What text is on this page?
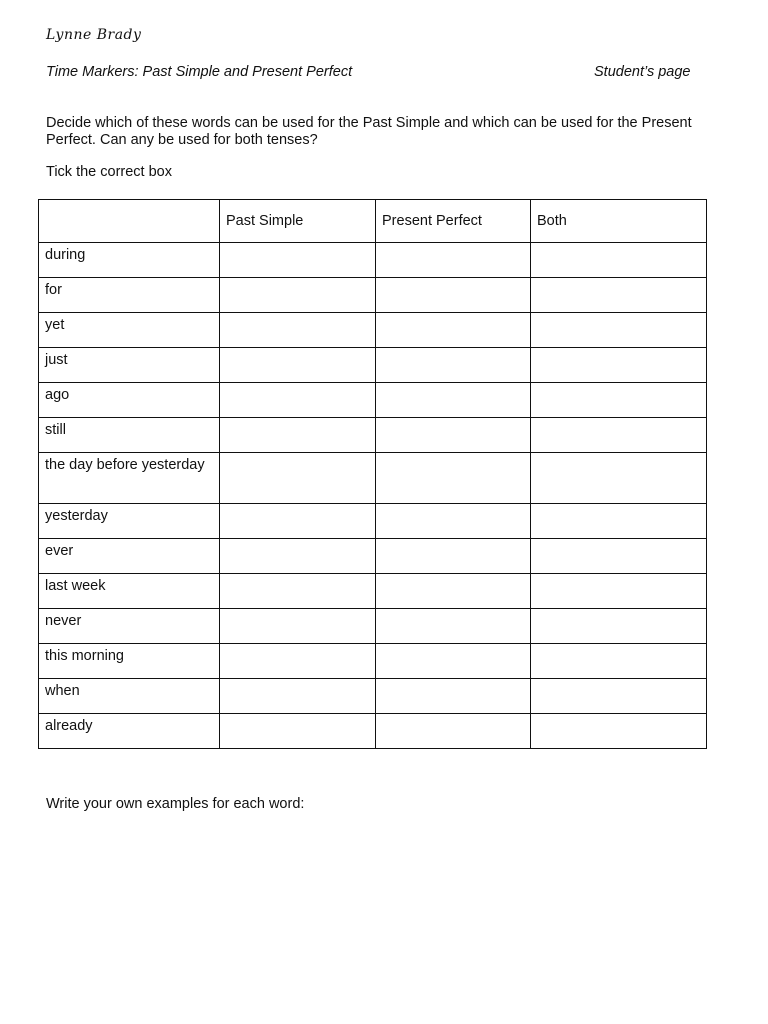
Lynne Brady
Time Markers: Past Simple and Present Perfect	Student’s page

Decide which of these words can be used for the Past Simple and which can be used for the Present Perfect. Can any be used for both tenses?

Tick the correct box
	Past Simple	Present Perfect	Both
during			
for			
yet			
just			
ago			
still			
the day before yesterday			
yesterday			
ever			
last week			
never			
this morning			
when			
already			
Write your own examples for each word:
